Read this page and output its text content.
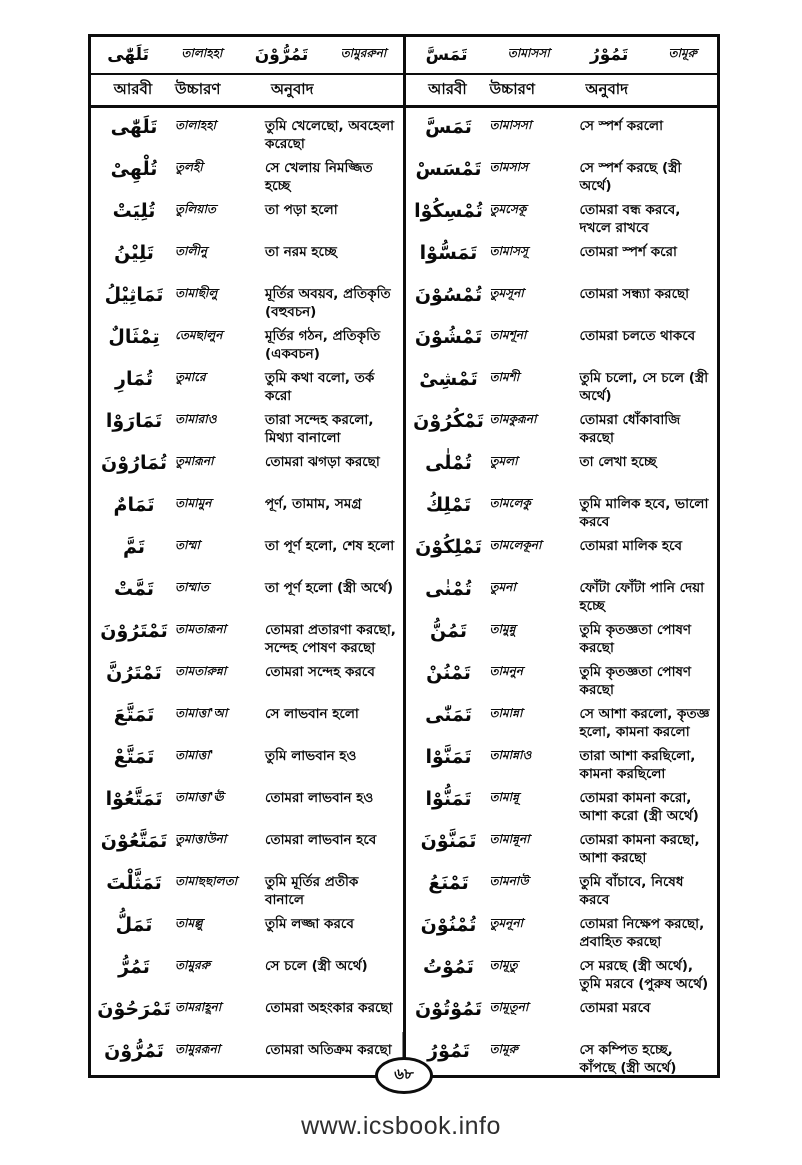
تَلَهّٰى	তালাহহা تَمُرُّوْنَ	তামুররুনা تَمَسَّ	তামাসসা تَمُوْرُ	তামূরু
আরবী	উচ্চারণ	অনুবাদ	আরবী	উচ্চারণ	অনুবাদ
تَلَهّٰى	তালাহহা	তুমি খেলেছো, অবহেলা করেছো
تُلْهِىْ	তুলহী	সে খেলায় নিমজ্জিত হচ্ছে
تُلِيَتْ	তুলিয়াত	তা পড়া হলো
تَلِيْنُ	তালীনু	তা নরম হচ্ছে
تَمَاثِيْلُ তামাছীলু	মূর্তির অবয়ব, প্রতিকৃতি (বহুবচন)
تِمْثَالٌ	তেমছালুন	মূর্তির গঠন, প্রতিকৃতি (একবচন)
تُمَارِ	তুমারে	তুমি কথা বলো, তর্ক করো
تَمَارَوْا	তামারাও	তারা সন্দেহ করলো, মিথ্যা বানালো
تُمَارُوْنَ তুমারূনা	তোমরা ঝগড়া করছো
تَمَامٌ	তামামুন	পূর্ণ, তামাম, সমগ্র
تَمَّ	তাম্মা	তা পূর্ণ হলো, শেষ হলো
تَمَّتْ	তাম্মাত	তা পূর্ণ হলো (স্ত্রী অর্থে)
تَمْتَرُوْنَ তামতারূনা	তোমরা প্রতারণা করছো, সন্দেহ পোষণ করছো
تَمْتَرُنَّ	তামতারুন্না	তোমরা সন্দেহ করবে
تَمَتَّعَ	তামাত্তা'আ	সে লাভবান হলো
تَمَتَّعْ	তামাত্তা'	তুমি লাভবান হও
تَمَتَّعُوْا	তামাত্তা'ঊ	তোমরা লাভবান হও
تَمَتَّعُوْنَ তুমাত্তাউনা	তোমরা লাভবান হবে
تَمَثَّلْتَ	তামাছছালতা	তুমি মূর্তির প্রতীক বানালে
تَمَلُّ	তামল্লু	তুমি লজ্জা করবে
تَمُرُّ	তামুররু	সে চলে (স্ত্রী অর্থে)
تَمْرَحُوْنَ তামরাহূনা	তোমরা অহংকার করছো
تَمُرُّوْنَ তামুররূনা	তোমরা অতিক্রম করছো
تَمَسَّ	তামাসসা	সে স্পর্শ করলো
تَمْسَسْ তামসাস	সে স্পর্শ করছে (স্ত্রী অর্থে)
تُمْسِكُوْا তুমসেকূ	তোমরা বন্ধ করবে, দখলে রাখবে
تَمَسُّوْا	তামাসসূ	তোমরা স্পর্শ করো
تُمْسُوْنَ তুমসূনা	তোমরা সন্ধ্যা করছো
تَمْشُوْنَ তামশূনা	তোমরা চলতে থাকবে
تَمْشِىْ তামশী	তুমি চলো, সে চলে (স্ত্রী অর্থে)
تَمْكُرُوْنَ তামকুরূনা	তোমরা ধোঁকাবাজি করছো
تُمْلٰى	তুমলা	তা লেখা হচ্ছে
تَمْلِكُ	তামলেকু	তুমি মালিক হবে, ভালো করবে
تَمْلِكُوْنَ তামলেকূনা	তোমরা মালিক হবে
تُمْنٰى	তুমনা	ফোঁটা ফোঁটা পানি দেয়া হচ্ছে
تَمُنُّ	তামুন্নু	তুমি কৃতজ্ঞতা পোষণ করছো
تَمْنُنْ	তামনুন	তুমি কৃতজ্ঞতা পোষণ করছো
تَمَنّٰى	তামান্না	সে আশা করলো, কৃতজ্ঞ হলো, কামনা করলো
تَمَنَّوْا	তামান্নাও	তারা আশা করছিলো, কামনা করছিলো
تَمَنُّوْا	তামান্নূ	তোমরা কামনা করো, আশা করো (স্ত্রী অর্থে)
تَمَنَّوْنَ	তামান্নূনা	তোমরা কামনা করছো, আশা করছো
تَمْنَعُ	তামনাউ	তুমি বাঁচাবে, নিষেধ করবে
تُمْنُوْنَ	তুমনূনা	তোমরা নিক্ষেপ করছো, প্রবাহিত করছো
تَمُوْتُ	তামূতু	সে মরছে (স্ত্রী অর্থে), তুমি মরবে (পুরুষ অর্থে)
تَمُوْتُوْنَ তামূতূনা	তোমরা মরবে
تَمُوْرُ	তামূরু	সে কম্পিত হচ্ছে, কাঁপছে (স্ত্রী অর্থে)
৬৮
www.icsbook.info
